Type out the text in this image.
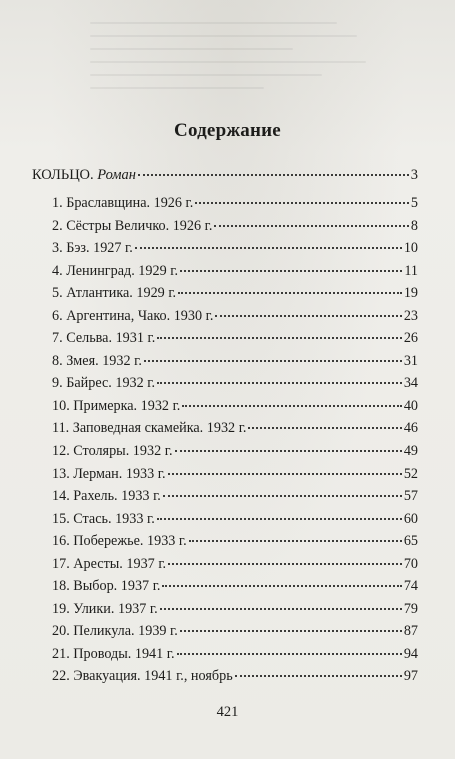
Содержание
КОЛЬЦО. Роман	3
1. Браславщина. 1926 г.	5
2. Сёстры Величко. 1926 г.	8
3. Бэз. 1927 г.	10
4. Ленинград. 1929 г.	11
5. Атлантика. 1929 г.	19
6. Аргентина, Чако. 1930 г.	23
7. Сельва. 1931 г.	26
8. Змея. 1932 г.	31
9. Байрес. 1932 г.	34
10. Примерка. 1932 г.	40
11. Заповедная скамейка. 1932 г.	46
12. Столяры. 1932 г.	49
13. Лерман. 1933 г.	52
14. Рахель. 1933 г.	57
15. Стась. 1933 г.	60
16. Побережье. 1933 г.	65
17. Аресты. 1937 г.	70
18. Выбор. 1937 г.	74
19. Улики. 1937 г.	79
20. Пеликула. 1939 г.	87
21. Проводы. 1941 г.	94
22. Эвакуация. 1941 г., ноябрь	97
421
